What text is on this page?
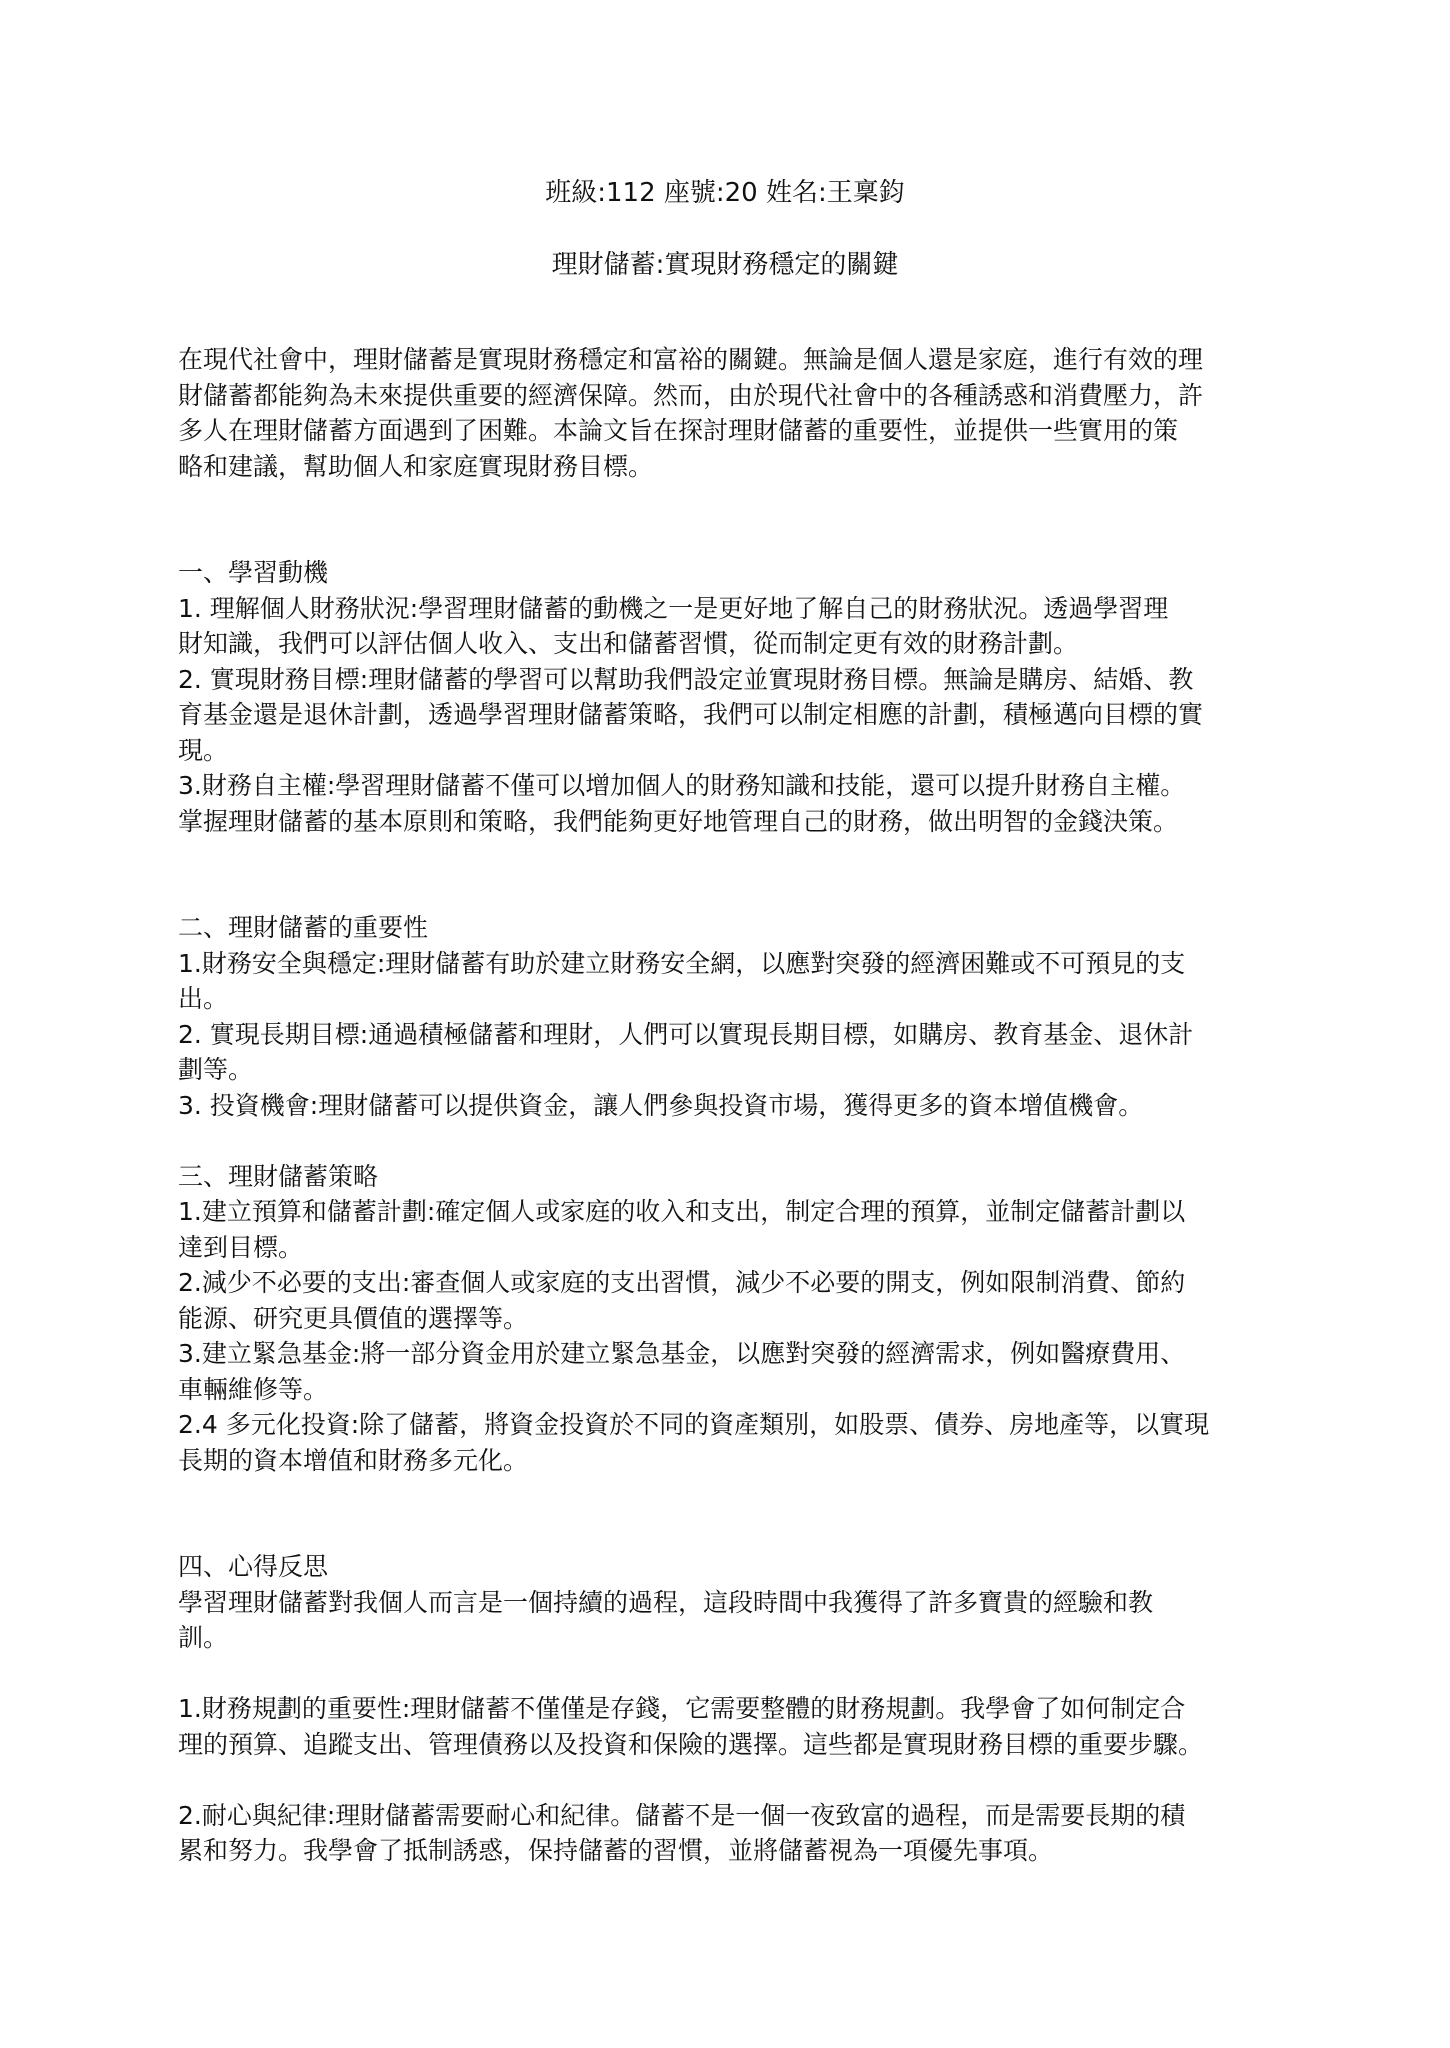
班級:112 座號:20 姓名:王稟鈞
理財儲蓄:實現財務穩定的關鍵

在現代社會中，理財儲蓄是實現財務穩定和富裕的關鍵。無論是個人還是家庭，進行有效的理

財儲蓄都能夠為未來提供重要的經濟保障。然而，由於現代社會中的各種誘惑和消費壓力，許

多人在理財儲蓄方面遇到了困難。本論文旨在探討理財儲蓄的重要性，並提供一些實用的策

略和建議，幫助個人和家庭實現財務目標。

一、學習動機

1. 理解個人財務狀況:學習理財儲蓄的動機之一是更好地了解自己的財務狀況。透過學習理

財知識，我們可以評估個人收入、支出和儲蓄習慣，從而制定更有效的財務計劃。

2. 實現財務目標:理財儲蓄的學習可以幫助我們設定並實現財務目標。無論是購房、結婚、教

育基金還是退休計劃，透過學習理財儲蓄策略，我們可以制定相應的計劃，積極邁向目標的實

現。

3.財務自主權:學習理財儲蓄不僅可以增加個人的財務知識和技能，還可以提升財務自主權。

掌握理財儲蓄的基本原則和策略，我們能夠更好地管理自己的財務，做出明智的金錢決策。

二、理財儲蓄的重要性

1.財務安全與穩定:理財儲蓄有助於建立財務安全網，以應對突發的經濟困難或不可預見的支

出。

2. 實現長期目標:通過積極儲蓄和理財，人們可以實現長期目標，如購房、教育基金、退休計

劃等。

3. 投資機會:理財儲蓄可以提供資金，讓人們參與投資市場，獲得更多的資本增值機會。

三、理財儲蓄策略

1.建立預算和儲蓄計劃:確定個人或家庭的收入和支出，制定合理的預算，並制定儲蓄計劃以

達到目標。

2.減少不必要的支出:審查個人或家庭的支出習慣，減少不必要的開支，例如限制消費、節約

能源、研究更具價值的選擇等。

3.建立緊急基金:將一部分資金用於建立緊急基金，以應對突發的經濟需求，例如醫療費用、

車輛維修等。

2.4 多元化投資:除了儲蓄，將資金投資於不同的資產類別，如股票、債券、房地產等，以實現

長期的資本增值和財務多元化。

四、心得反思

學習理財儲蓄對我個人而言是一個持續的過程，這段時間中我獲得了許多寶貴的經驗和教

訓。

1.財務規劃的重要性:理財儲蓄不僅僅是存錢，它需要整體的財務規劃。我學會了如何制定合

理的預算、追蹤支出、管理債務以及投資和保險的選擇。這些都是實現財務目標的重要步驟。

2.耐心與紀律:理財儲蓄需要耐心和紀律。儲蓄不是一個一夜致富的過程，而是需要長期的積

累和努力。我學會了抵制誘惑，保持儲蓄的習慣，並將儲蓄視為一項優先事項。
